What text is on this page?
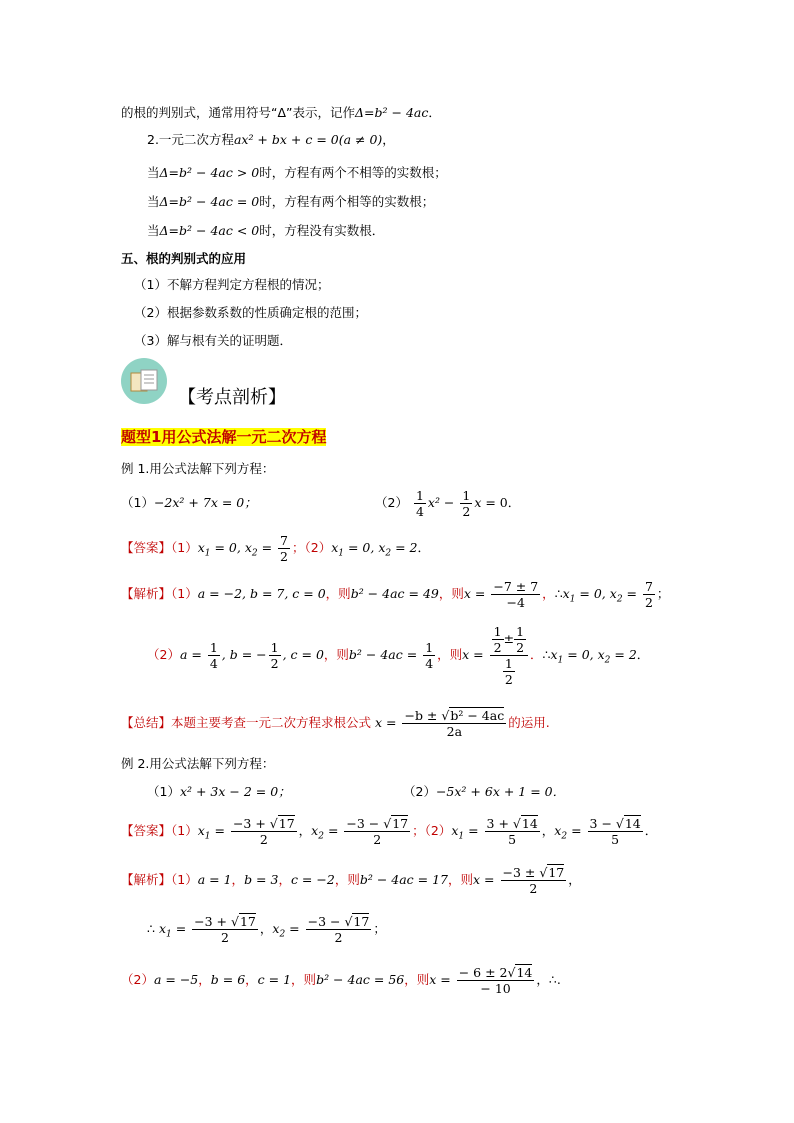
的根的判别式，通常用符号“Δ”表示，记作Δ=b² − 4ac．
2.一元二次方程ax² + bx + c = 0(a ≠ 0)，
当Δ=b² − 4ac > 0时，方程有两个不相等的实数根；
当Δ=b² − 4ac = 0时，方程有两个相等的实数根；
当Δ=b² − 4ac < 0时，方程没有实数根．
五、根的判别式的应用
（1）不解方程判定方程根的情况；
（2）根据参数系数的性质确定根的范围；
（3）解与根有关的证明题．
【考点剖析】
题型1用公式法解一元二次方程
例 1.用公式法解下列方程：
（1）−2x² + 7x = 0；	$(2) \frac{1}{4} x^2 - \frac{1}{2}$ x = 0．
【答案】$(1)x_1 = 0$, $x_2 = \frac{7}{2}$ ；$(2)x_1 = 0$, $x_2 = 2$．
【解析】（1）a = −2, b = 7, c = 0，则b² − 4ac = 49，则$x = \frac{-7 \pm 7}{-4}$ ，$\therefore x_1 = 0$, $x_2 = \frac{7}{2}$ ；
$(2)a = \frac{1}{4}$ , b = − $\frac{1}{2}$ , c = 0，则$b^2 - 4ac = \frac{1}{4}$ ，则$x = \frac{\frac{1}{2} \pm \frac{1}{2}}{\frac{1}{2}}$ ．$\therefore x_1 = 0$, $x_2 = 2$．
【总结】本题主要考查一元二次方程求根公式 $x = \frac{\text{−b ± √b² − 4ac}}{2a}$ 的运用.
例 2.用公式法解下列方程：
（1）x² + 3x − 2 = 0；	（2）−5x² + 6x + 1 = 0．
【答案】$(1)x_1 = \frac{-3 + √17}{2}$ ，$x_2 = \frac{-3 - √17}{2}$ ；$(2)x_1 = \frac{3 + √14}{5}$ ，$x_2 = \frac{3 - √14}{5}$ ．
【解析】（1）a = 1，b = 3，c = −2，则b² − 4ac = 17，则$x = \frac{-3 \pm √17}{2}$ ，
∴ $x_1 = \frac{-3 + √17}{2}$ ，$x_2 = \frac{-3 - √17}{2}$ ；
（2）a = −5，b = 6，c = 1，则b² − 4ac = 56，则$x = \frac{- 6 \pm 2√14}{- 10}$ ，∴.
